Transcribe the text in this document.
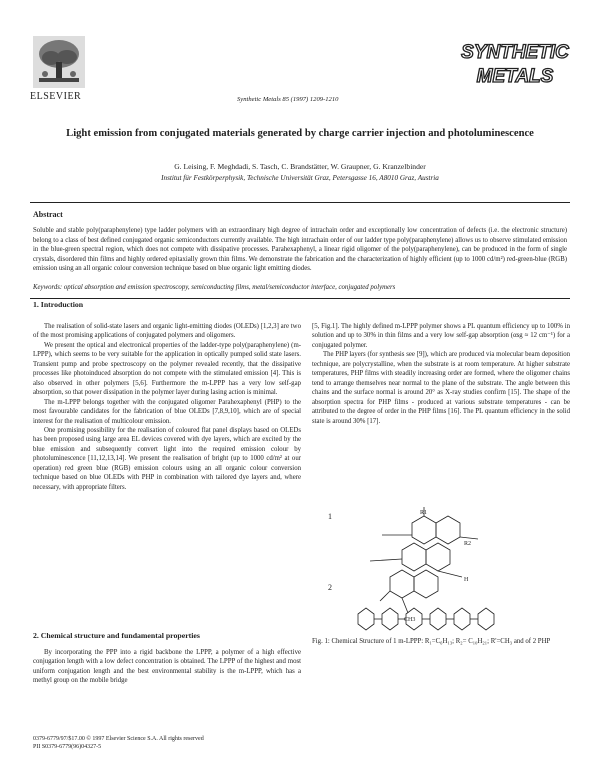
ELSEVIER	Synthetic Metals 85 (1997) 1209-1210
SYNTHETIC
METALS
Light emission from conjugated materials generated by charge carrier injection and photoluminescence
G. Leising, F. Meghdadi, S. Tasch, C. Brandstätter, W. Graupner, G. Kranzelbinder
Institut für Festkörperphysik, Technische Universität Graz, Petersgasse 16, A8010 Graz, Austria
Abstract
Soluble and stable poly(paraphenylene) type ladder polymers with an extraordinary high degree of intrachain order and exceptionally low concentration of defects (i.e. the electronic structure) belong to a class of best defined conjugated organic semiconductors currently available. The high intrachain order of our ladder type poly(paraphenylene) allows us to observe stimulated emission in the blue-green spectral region, which does not compete with dissipative processes. Parahexaphenyl, a linear rigid oligomer of the poly(paraphenylene), can be produced in the form of single crystals, disordered thin films and highly ordered epitaxially grown thin films. We demonstrate the fabrication and the characterization of highly efficient (up to 1000 cd/m²) red-green-blue (RGB) emission using an all organic colour conversion technique based on blue organic light emitting diodes.
Keywords: optical absorption and emission spectroscopy, semiconducting films, metal/semiconductor interface, conjugated polymers
1. Introduction

The realisation of solid-state lasers and organic light-emitting diodes (OLEDs) [1,2,3] are two of the most promising applications of conjugated polymers and oligomers.

We present the optical and electronical properties of the ladder-type poly(paraphenylene) (m-LPPP), which seems to be very suitable for the application in optically pumped solid state lasers. Transient pump and probe spectroscopy on the polymer revealed recently, that the dissipative processes like photoinduced absorption do not compete with the stimulated emission [4]. This is also observed in other polymers [5,6]. Furthermore the m-LPPP has a very low self-gap absorption, so that power dissipation in the polymer layer during lasing action is minimal.

The m-LPPP belongs together with the conjugated oligomer Parahexaphenyl (PHP) to the most favourable candidates for the fabrication of blue OLEDs [7,8,9,10], which are of special interest for the realisation of multicolour emission.

One promising possibility for the realisation of coloured flat panel displays based on OLEDs has been proposed using large area EL devices covered with dye layers, which are excited by the blue emission and subsequently convert light into the required emission colour by photoluminescence [11,12,13,14]. We present the realisation of bright (up to 1000 cd/m² at our operation) red green blue (RGB) emission colours using an all organic colour conversion technique based on blue OLEDs with PHP in combination with tailored dye layers and, where necessary, with appropriate filters.

2. Chemical structure and fundamental properties

By incorporating the PPP into a rigid backbone the LPPP, a polymer of a high effective conjugation length with a low defect concentration is obtained. The LPPP of the highest and most uniform conjugation length and the best environmental stability is the m-LPPP, which has a methyl group on the mobile bridge

[5, Fig.1]. The highly defined m-LPPP polymer shows a PL quantum efficiency up to 100% in solution and up to 30% in thin films and a very low self-gap absorption (αsg ≈ 12 cm⁻¹) for a conjugated polymer.

The PHP layers (for synthesis see [9]), which are produced via molecular beam deposition technique, are polycrystalline, when the substrate is at room temperature. At higher substrate temperatures, PHP films with steadily increasing order are formed, where the oligomer chains tend to arrange themselves near normal to the plane of the substrate. The angle between this chains and the surface normal is around 20° as X-ray studies confirm [15]. The shape of the absorption spectra for PHP films - produced at various substrate temperatures - can be attributed to the degree of order in the PHP films [16]. The PL quantum efficiency in the solid state is around 30% [17].

1	R1
R2
H
CH3
2
Fig. 1: Chemical Structure of 1 m-LPPP: R₁=C₆H₁₃; R₂= C₁₀H₂₁; R'=CH₃ and of 2 PHP
0379-6779/97/$17.00 © 1997 Elsevier Science S.A. All rights reserved
PII S0379-6779(96)04327-5
